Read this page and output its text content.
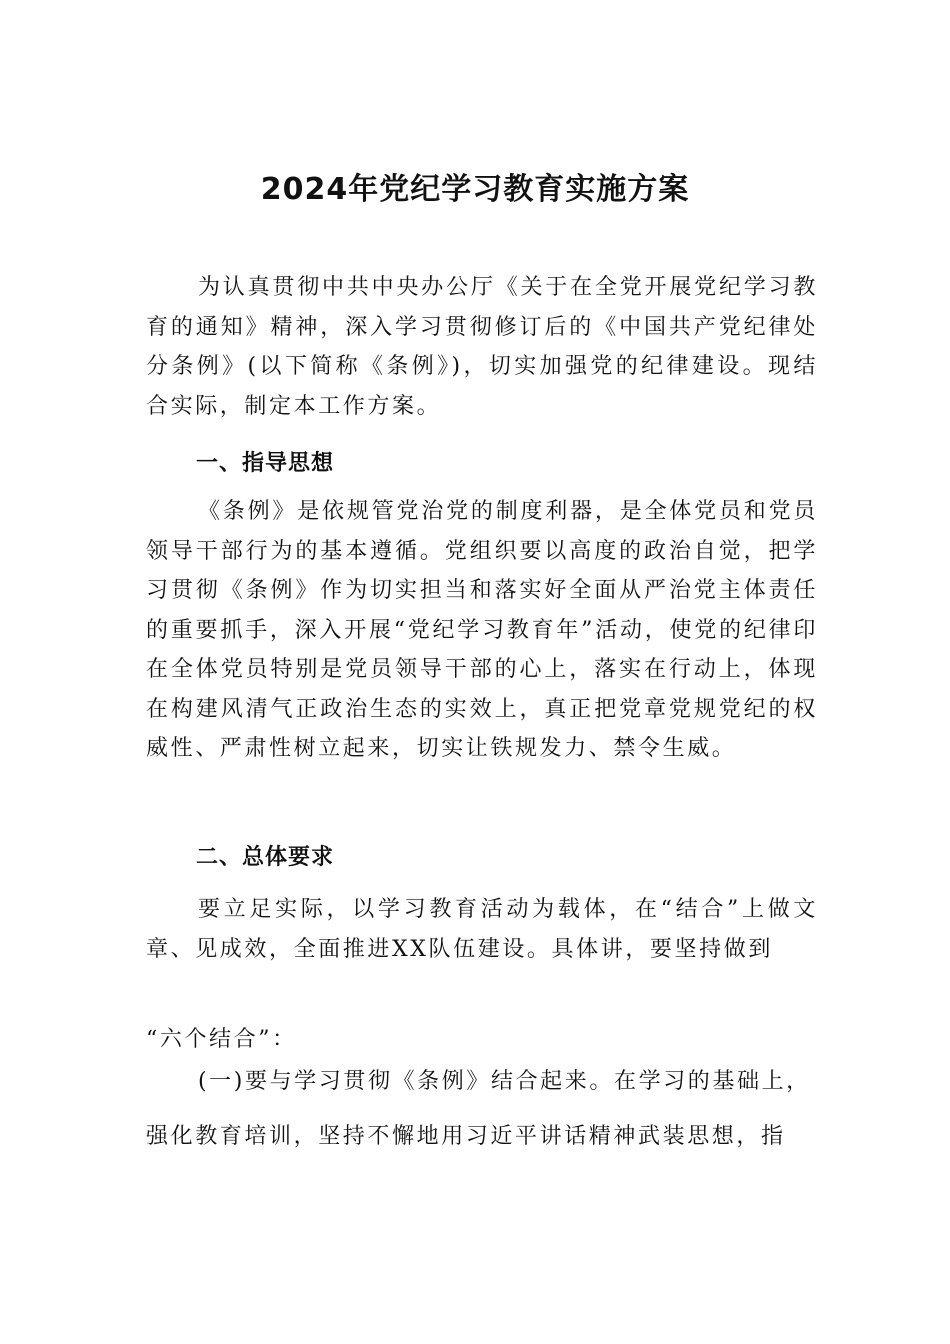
2024年党纪学习教育实施方案

为认真贯彻中共中央办公厅《关于在全党开展党纪学习教育的通知》精神，深入学习贯彻修订后的《中国共产党纪律处分条例》(以下简称《条例》)，切实加强党的纪律建设。现结合实际，制定本工作方案。

一、指导思想

《条例》是依规管党治党的制度利器，是全体党员和党员领导干部行为的基本遵循。党组织要以高度的政治自觉，把学习贯彻《条例》作为切实担当和落实好全面从严治党主体责任的重要抓手，深入开展“党纪学习教育年”活动，使党的纪律印在全体党员特别是党员领导干部的心上，落实在行动上，体现在构建风清气正政治生态的实效上，真正把党章党规党纪的权威性、严肃性树立起来，切实让铁规发力、禁令生威。

二、总体要求

要立足实际，以学习教育活动为载体，在“结合”上做文章、见成效，全面推进XX队伍建设。具体讲，要坚持做到

“六个结合”：

(一)要与学习贯彻《条例》结合起来。在学习的基础上，

强化教育培训，坚持不懈地用习近平讲话精神武装思想，指
